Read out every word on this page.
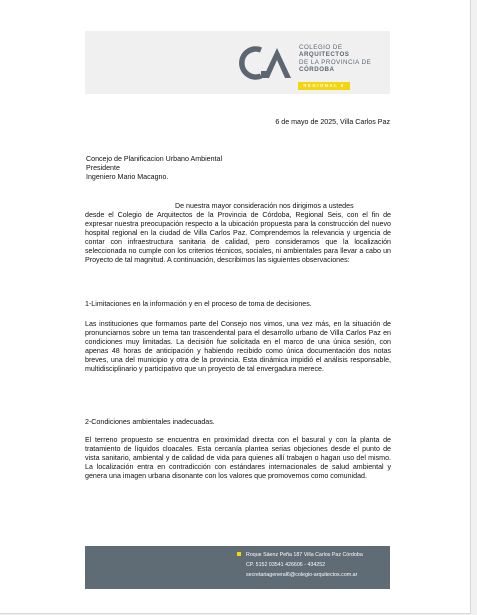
COLEGIO DE
ARQUITECTOS
DE LA PROVINCIA DE
CÓRDOBA
REGIONAL 6
6 de mayo de 2025, Villa Carlos Paz
Concejo de Planificacion Urbano Ambiental
Presidente
Ingeniero Mario Macagno.
De nuestra mayor consideración nos dirigimos a ustedes
desde el Colegio de Arquitectos de la Provincia de Córdoba, Regional Seis, con el fin de expresar nuestra preocupación respecto a la ubicación propuesta para la construcción del nuevo hospital regional en la ciudad de Villa Carlos Paz. Comprendemos la relevancia y urgencia de contar con infraestructura sanitaria de calidad, pero consideramos que la localización seleccionada no cumple con los criterios técnicos, sociales, ni ambientales para llevar a cabo un Proyecto de tal magnitud. A continuación, describimos las siguientes observaciones:
1-Limitaciones en la información y en el proceso de toma de decisiones.
Las instituciones que formamos parte del Consejo nos vimos, una vez más, en la situación de pronunciarnos sobre un tema tan trascendental para el desarrollo urbano de Villa Carlos Paz en condiciones muy limitadas. La decisión fue solicitada en el marco de una única sesión, con apenas 48 horas de anticipación y habiendo recibido como única documentación dos notas breves, una del municipio y otra de la provincia. Esta dinámica impidió el análisis responsable, multidisciplinario y participativo que un proyecto de tal envergadura merece.
2-Condiciones ambientales inadecuadas.
El terreno propuesto se encuentra en proximidad directa con el basural y con la planta de tratamiento de líquidos cloacales. Esta cercanía plantea serias objeciones desde el punto de vista sanitario, ambiental y de calidad de vida para quienes allí trabajen o hagan uso del mismo. La localización entra en contradicción con estándares internacionales de salud ambiental y genera una imagen urbana disonante con los valores que promovemos como comunidad.
Roque Sáenz Peña 187 Villa Carlos Paz Córdoba
CP. 5152 03541 426606 - 434252
secretariageneral6@colegio-arquitectos.com.ar
